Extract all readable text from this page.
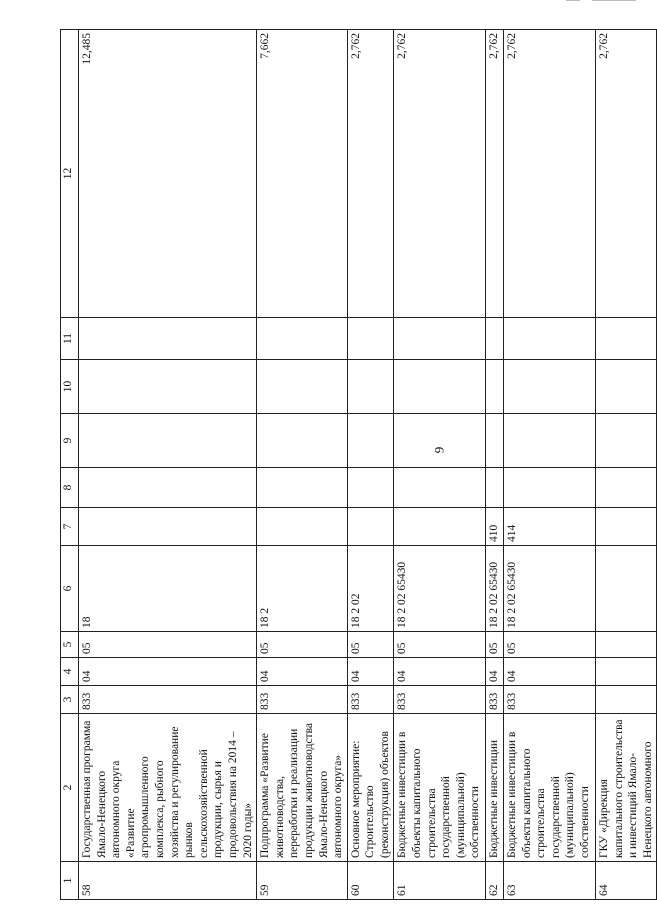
9
1	2	3	4	5	6	7	8	9	10	11	12
58	Государственная программа Ямало-Ненецкого автономного округа «Развитие агропромышленного комплекса, рыбного хозяйства и регулирование рынков сельскохозяйственной продукции, сырья и продовольствия на 2014 – 2020 годы»	833	04	05	18						12,485
59	Подпрограмма «Развитие животноводства, переработки и реализации продукции животноводства Ямало-Ненецкого автономного округа»	833	04	05	18 2						7,662
60	Основное мероприятие: Строительство (реконструкция) объектов	833	04	05	18 2 02						2,762
61	Бюджетные инвестиции в объекты капитального строительства государственной (муниципальной) собственности	833	04	05	18 2 02 65430						2,762
62	Бюджетные инвестиции	833	04	05	18 2 02 65430	410					2,762
63	Бюджетные инвестиции в объекты капитального строительства государственной (муниципальной) собственности	833	04	05	18 2 02 65430	414					2,762
64	ГКУ «Дирекция капитального строительства и инвестиций Ямало-Ненецкого автономного										2,762
